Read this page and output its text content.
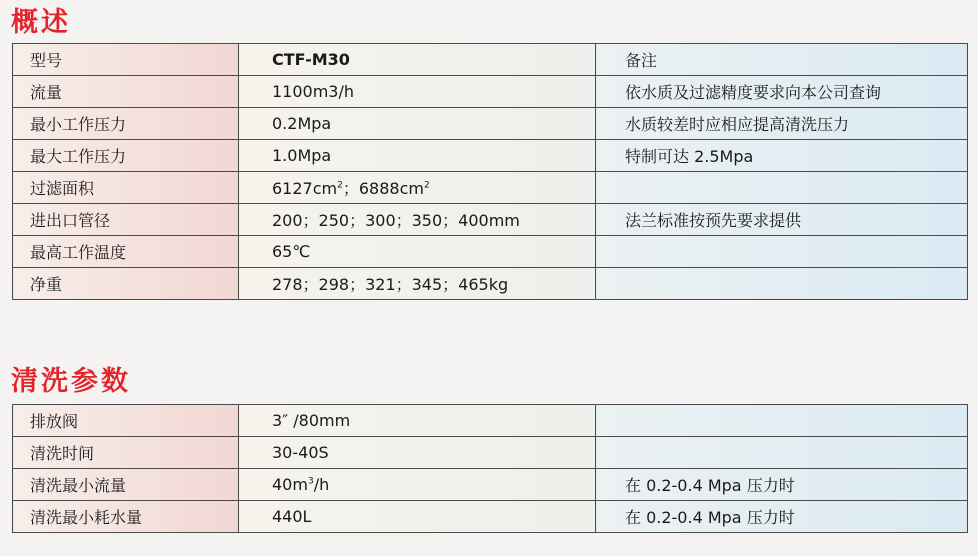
概述
型号	CTF-M30	备注
流量	1100m3/h	依水质及过滤精度要求向本公司查询
最小工作压力	0.2Mpa	水质较差时应相应提高清洗压力
最大工作压力	1.0Mpa	特制可达 2.5Mpa
过滤面积	$6127cm^2$；$6888cm^2$	
进出口管径	200；250；300；350；400mm	法兰标准按预先要求提供
最高工作温度	65℃	
净重	278；298；321；345；465kg	
清洗参数
排放阀	3″ /80mm	
清洗时间	30-40S	
清洗最小流量	$40m^3/h$	在 0.2-0.4 Mpa 压力时
清洗最小耗水量	440L	在 0.2-0.4 Mpa 压力时
